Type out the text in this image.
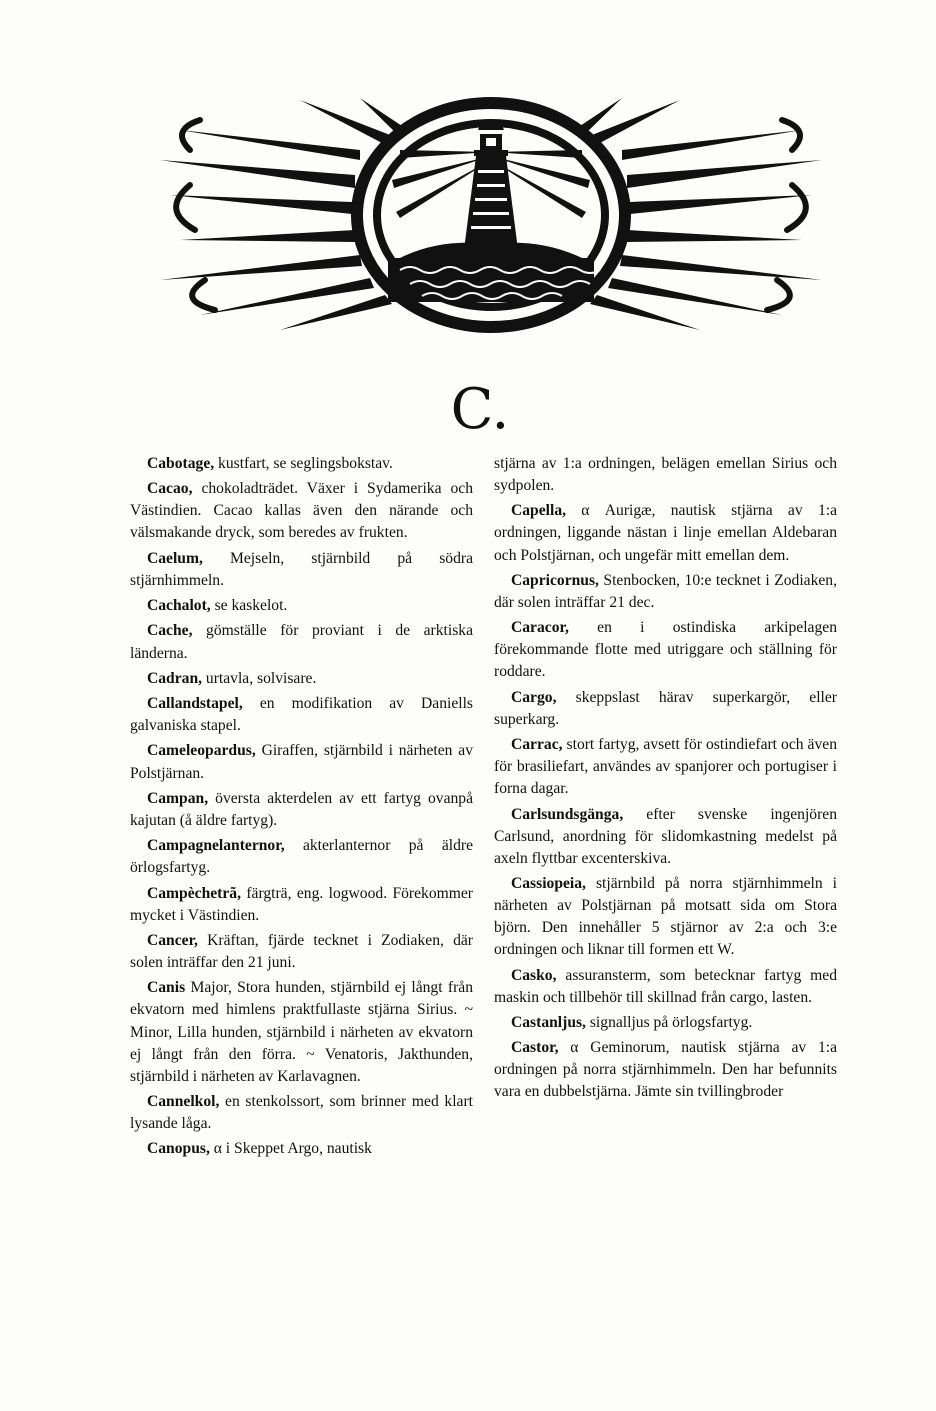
C.

Cabotage, kustfart, se seglingsbokstav.

Cacao, chokoladträdet. Växer i Sydamerika och Västindien. Cacao kallas även den närande och välsmakande dryck, som beredes av frukten.

Caelum, Mejseln, stjärnbild på södra stjärnhimmeln.

Cachalot, se kaskelot.

Cache, gömställe för proviant i de arktiska länderna.

Cadran, urtavla, solvisare.

Callandstapel, en modifikation av Daniells galvaniska stapel.

Cameleopardus, Giraffen, stjärnbild i närheten av Polstjärnan.

Campan, översta akterdelen av ett fartyg ovanpå kajutan (å äldre fartyg).

Campagnelanternor, akterlanternor på äldre örlogsfartyg.

Campèchetrã, färgträ, eng. logwood. Förekommer mycket i Västindien.

Cancer, Kräftan, fjärde tecknet i Zodiaken, där solen inträffar den 21 juni.

Canis Major, Stora hunden, stjärnbild ej långt från ekvatorn med himlens praktfullaste stjärna Sirius. ~ Minor, Lilla hunden, stjärnbild i närheten av ekvatorn ej långt från den förra. ~ Venatoris, Jakthunden, stjärnbild i närheten av Karlavagnen.

Cannelkol, en stenkolssort, som brinner med klart lysande låga.

Canopus, α i Skeppet Argo, nautisk

stjärna av 1:a ordningen, belägen emellan Sirius och sydpolen.

Capella, α Aurigæ, nautisk stjärna av 1:a ordningen, liggande nästan i linje emellan Aldebaran och Polstjärnan, och ungefär mitt emellan dem.

Capricornus, Stenbocken, 10:e tecknet i Zodiaken, där solen inträffar 21 dec.

Caracor, en i ostindiska arkipelagen förekommande flotte med utriggare och ställning för roddare.

Cargo, skeppslast härav superkargör, eller superkarg.

Carrac, stort fartyg, avsett för ostindiefart och även för brasiliefart, användes av spanjorer och portugiser i forna dagar.

Carlsundsgänga, efter svenske ingenjören Carlsund, anordning för slidomkastning medelst på axeln flyttbar excenterskiva.

Cassiopeia, stjärnbild på norra stjärnhimmeln i närheten av Polstjärnan på motsatt sida om Stora björn. Den innehåller 5 stjärnor av 2:a och 3:e ordningen och liknar till formen ett W.

Casko, assuransterm, som betecknar fartyg med maskin och tillbehör till skillnad från cargo, lasten.

Castanljus, signalljus på örlogsfartyg.

Castor, α Geminorum, nautisk stjärna av 1:a ordningen på norra stjärnhimmeln. Den har befunnits vara en dubbelstjärna. Jämte sin tvillingbroder
